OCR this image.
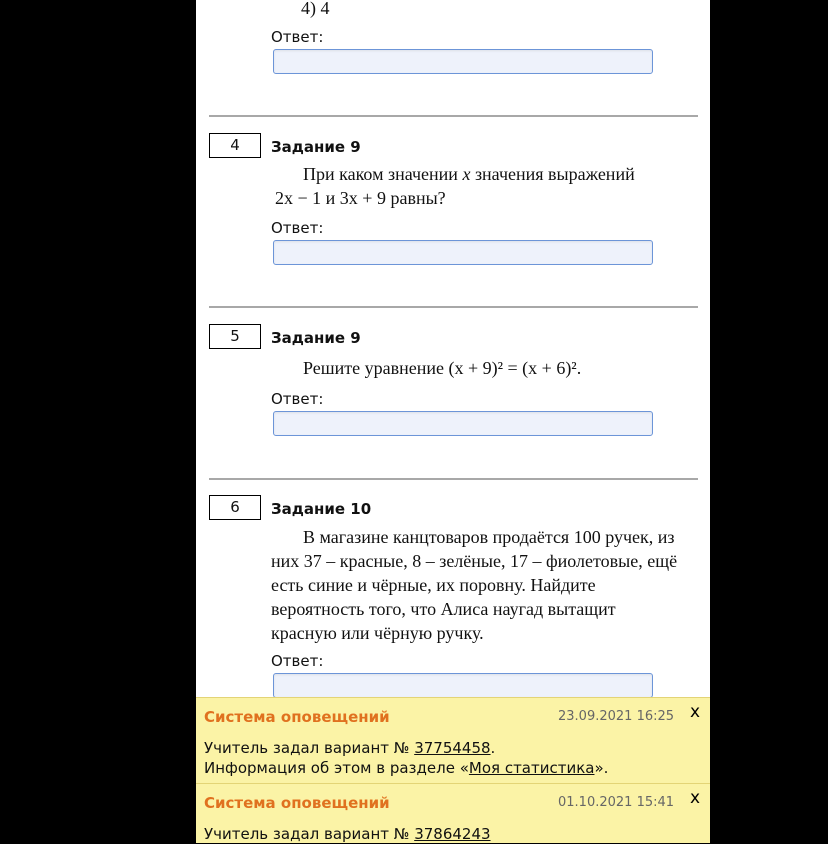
4) 4
Ответ:
4	Задание 9
При каком значении x значения выражений
2x − 1 и 3x + 9 равны?
Ответ:
5	Задание 9
Решите уравнение (x + 9)² = (x + 6)².
Ответ:
6	Задание 10
В магазине канцтоваров продаётся 100 ручек, из
них 37 – красные, 8 – зелёные, 17 – фиолетовые, ещё
есть синие и чёрные, их поровну. Найдите
вероятность того, что Алиса наугад вытащит
красную или чёрную ручку.
Ответ:
Система оповещений	23.09.2021 16:25 x
Учитель задал вариант № 37754458.
Информация об этом в разделе «Моя статистика».
Система оповещений	01.10.2021 15:41 x
Учитель задал вариант № 37864243
